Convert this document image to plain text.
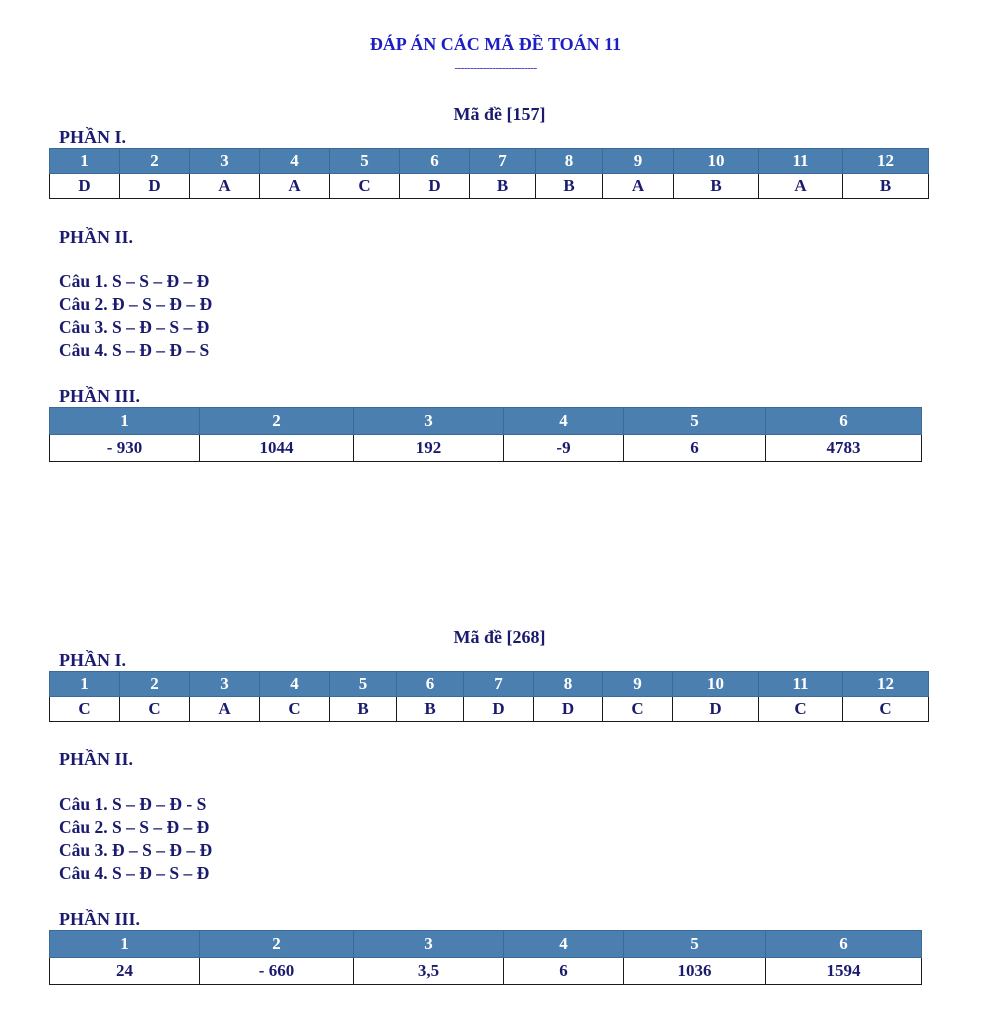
ĐÁP ÁN CÁC MÃ ĐỀ TOÁN 11
--------------------------
Mã đề [157]
PHẦN I.
1	2	3	4	5	6	7	8	9	10	11	12
D	D	A	A	C	D	B	B	A	B	A	B
PHẦN II.
Câu 1. S – S – Đ – Đ
Câu 2. Đ – S – Đ – Đ
Câu 3. S – Đ – S – Đ
Câu 4. S – Đ – Đ – S
PHẦN III.
1	2	3	4	5	6
- 930	1044	192	-9	6	4783
Mã đề [268]
PHẦN I.
1	2	3	4	5	6	7	8	9	10	11	12
C	C	A	C	B	B	D	D	C	D	C	C
PHẦN II.
Câu 1. S – Đ – Đ - S
Câu 2. S – S – Đ – Đ
Câu 3. Đ – S – Đ – Đ
Câu 4. S – Đ – S – Đ
PHẦN III.
1	2	3	4	5	6
24	- 660	3,5	6	1036	1594
